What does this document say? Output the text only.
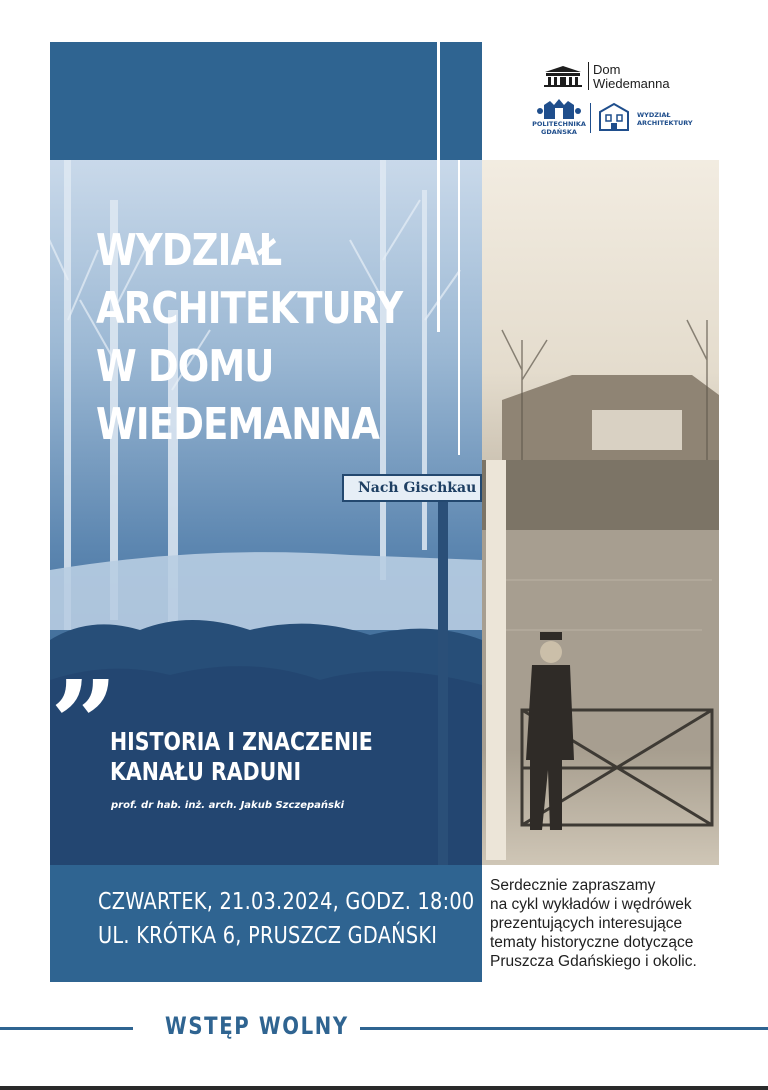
Nach Gischkau
Dom
Wiedemanna
POLITECHNIKA
GDAŃSKA
WYDZIAŁ
ARCHITEKTURY
WYDZIAŁ
ARCHITEKTURY
W DOMU
WIEDEMANNA
” HISTORIA I ZNACZENIE
KANAŁU RADUNI
prof. dr hab. inż. arch. Jakub Szczepański
CZWARTEK, 21.03.2024, GODZ. 18:00
UL. KRÓTKA 6, PRUSZCZ GDAŃSKI
Serdecznie zapraszamy
na cykl wykładów i wędrówek
prezentujących interesujące
tematy historyczne dotyczące
Pruszcza Gdańskiego i okolic.
WSTĘP WOLNY
